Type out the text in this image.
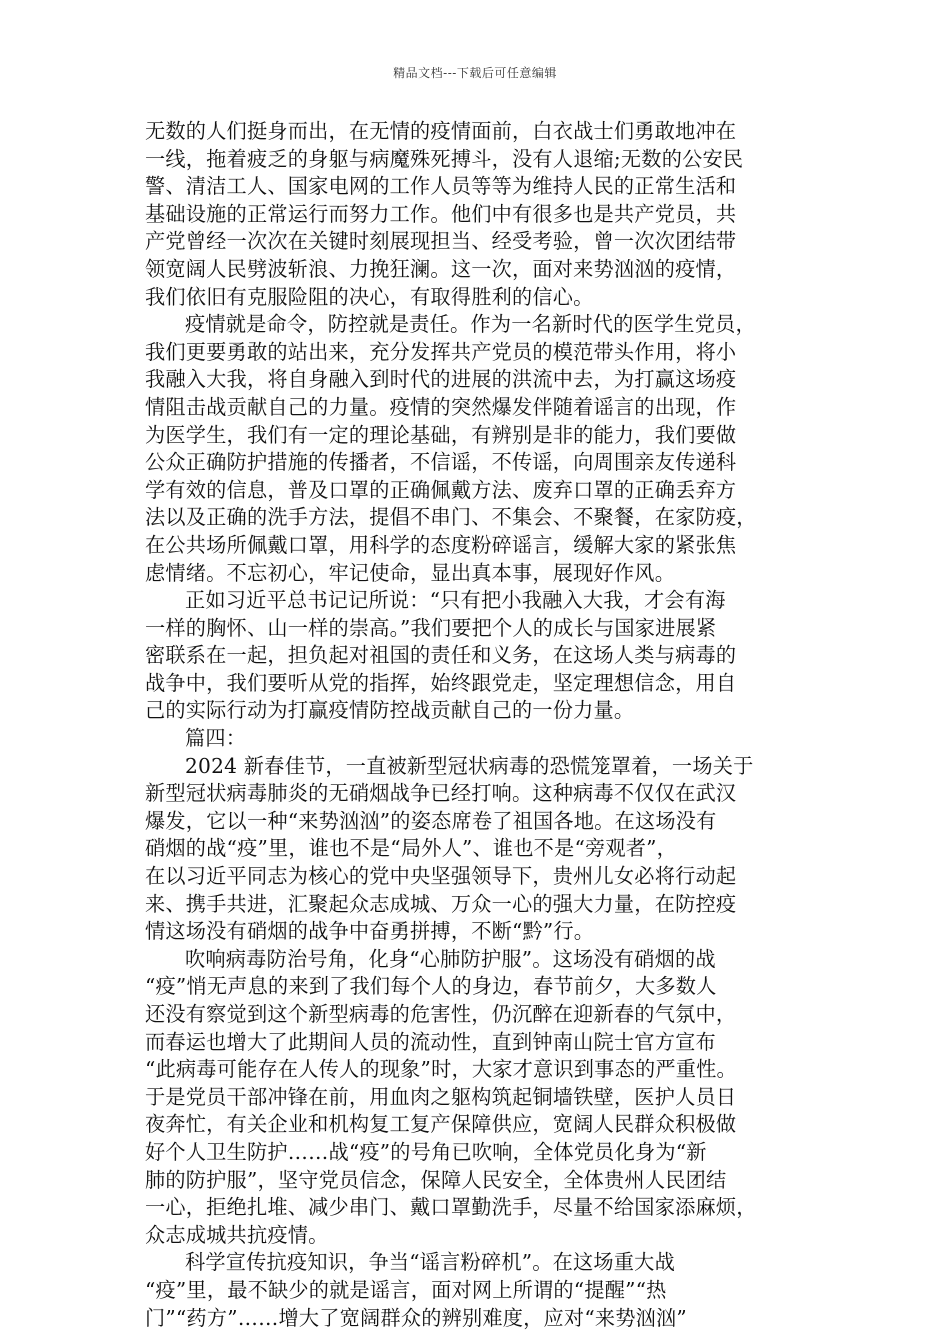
精品文档---下载后可任意编辑
无数的人们挺身而出，在无情的疫情面前，白衣战士们勇敢地冲在
一线，拖着疲乏的身躯与病魔殊死搏斗，没有人退缩;无数的公安民
警、清洁工人、国家电网的工作人员等等为维持人民的正常生活和
基础设施的正常运行而努力工作。他们中有很多也是共产党员，共
产党曾经一次次在关键时刻展现担当、经受考验，曾一次次团结带
领宽阔人民劈波斩浪、力挽狂澜。这一次，面对来势汹汹的疫情，
我们依旧有克服险阻的决心，有取得胜利的信心。
疫情就是命令，防控就是责任。作为一名新时代的医学生党员，
我们更要勇敢的站出来，充分发挥共产党员的模范带头作用，将小
我融入大我，将自身融入到时代的进展的洪流中去，为打赢这场疫
情阻击战贡献自己的力量。疫情的突然爆发伴随着谣言的出现，作
为医学生，我们有一定的理论基础，有辨别是非的能力，我们要做
公众正确防护措施的传播者，不信谣，不传谣，向周围亲友传递科
学有效的信息，普及口罩的正确佩戴方法、废弃口罩的正确丢弃方
法以及正确的洗手方法，提倡不串门、不集会、不聚餐，在家防疫，
在公共场所佩戴口罩，用科学的态度粉碎谣言，缓解大家的紧张焦
虑情绪。不忘初心，牢记使命，显出真本事，展现好作风。
正如习近平总书记记所说：“只有把小我融入大我，才会有海
一样的胸怀、山一样的崇高。”我们要把个人的成长与国家进展紧
密联系在一起，担负起对祖国的责任和义务，在这场人类与病毒的
战争中，我们要听从党的指挥，始终跟党走，坚定理想信念，用自
己的实际行动为打赢疫情防控战贡献自己的一份力量。
篇四：
2024 新春佳节，一直被新型冠状病毒的恐慌笼罩着，一场关于
新型冠状病毒肺炎的无硝烟战争已经打响。这种病毒不仅仅在武汉
爆发，它以一种“来势汹汹”的姿态席卷了祖国各地。在这场没有
硝烟的战“疫”里，谁也不是“局外人”、谁也不是“旁观者”，
在以习近平同志为核心的党中央坚强领导下，贵州儿女必将行动起
来、携手共进，汇聚起众志成城、万众一心的强大力量，在防控疫
情这场没有硝烟的战争中奋勇拼搏，不断“黔”行。
吹响病毒防治号角，化身“心肺防护服”。这场没有硝烟的战
“疫”悄无声息的来到了我们每个人的身边，春节前夕，大多数人
还没有察觉到这个新型病毒的危害性，仍沉醉在迎新春的气氛中，
而春运也增大了此期间人员的流动性，直到钟南山院士官方宣布
“此病毒可能存在人传人的现象”时，大家才意识到事态的严重性。
于是党员干部冲锋在前，用血肉之躯构筑起铜墙铁壁，医护人员日
夜奔忙，有关企业和机构复工复产保障供应，宽阔人民群众积极做
好个人卫生防护……战“疫”的号角已吹响，全体党员化身为“新
肺的防护服”，坚守党员信念，保障人民安全，全体贵州人民团结
一心，拒绝扎堆、减少串门、戴口罩勤洗手，尽量不给国家添麻烦，
众志成城共抗疫情。
科学宣传抗疫知识，争当“谣言粉碎机”。在这场重大战
“疫”里，最不缺少的就是谣言，面对网上所谓的“提醒”“热
门”“药方”……增大了宽阔群众的辨别难度，应对“来势汹汹”
